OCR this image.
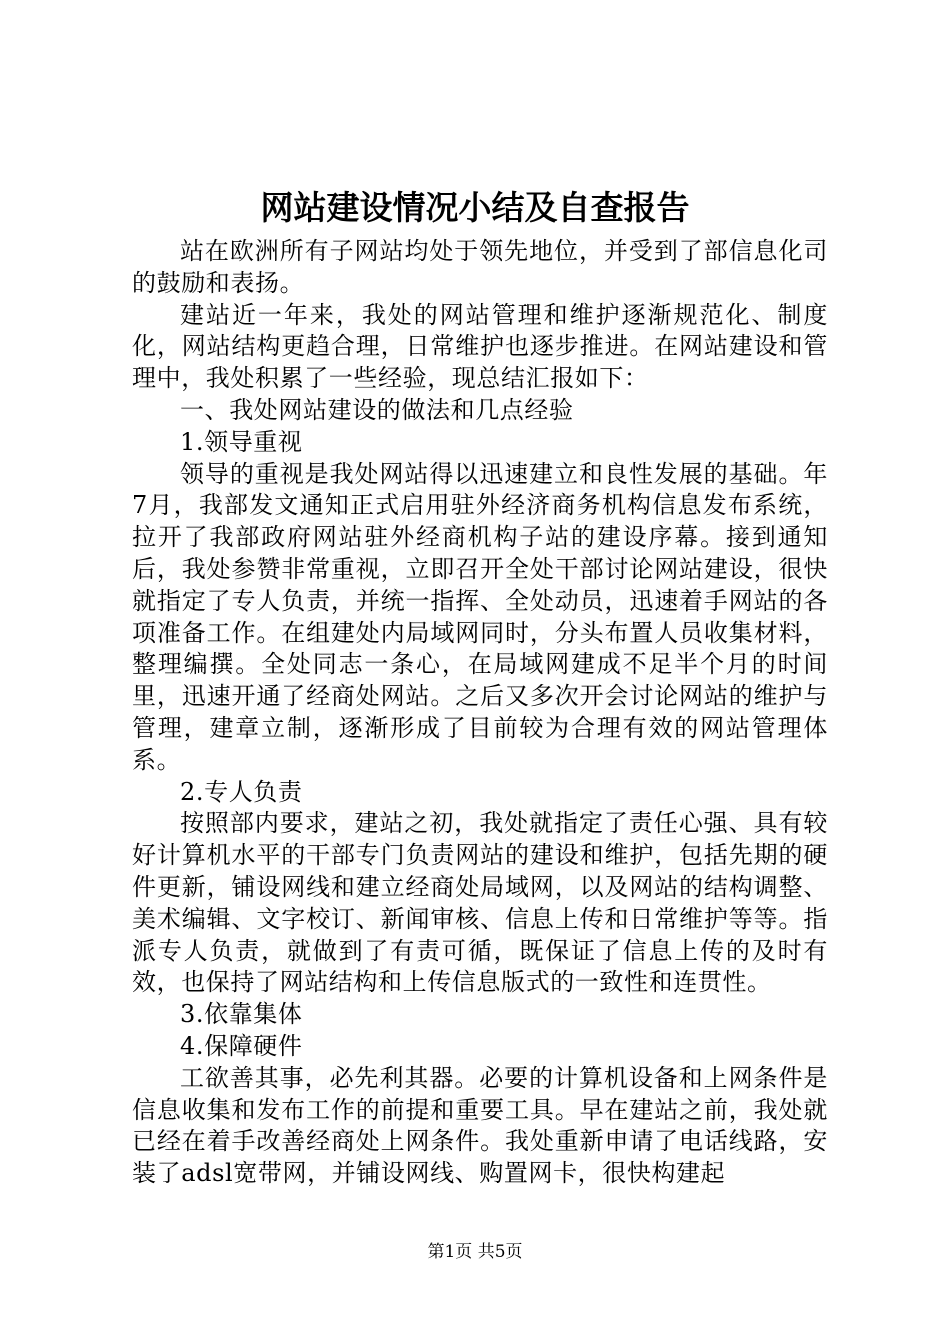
网站建设情况小结及自查报告

站在欧洲所有子网站均处于领先地位，并受到了部信息化司的鼓励和表扬。

建站近一年来，我处的网站管理和维护逐渐规范化、制度化，网站结构更趋合理，日常维护也逐步推进。在网站建设和管理中，我处积累了一些经验，现总结汇报如下：

一、我处网站建设的做法和几点经验

1.领导重视

领导的重视是我处网站得以迅速建立和良性发展的基础。年7月，我部发文通知正式启用驻外经济商务机构信息发布系统，拉开了我部政府网站驻外经商机构子站的建设序幕。接到通知后，我处参赞非常重视，立即召开全处干部讨论网站建设，很快就指定了专人负责，并统一指挥、全处动员，迅速着手网站的各项准备工作。在组建处内局域网同时，分头布置人员收集材料，整理编撰。全处同志一条心，在局域网建成不足半个月的时间里，迅速开通了经商处网站。之后又多次开会讨论网站的维护与管理，建章立制，逐渐形成了目前较为合理有效的网站管理体系。

2.专人负责

按照部内要求，建站之初，我处就指定了责任心强、具有较好计算机水平的干部专门负责网站的建设和维护，包括先期的硬件更新，铺设网线和建立经商处局域网，以及网站的结构调整、美术编辑、文字校订、新闻审核、信息上传和日常维护等等。指派专人负责，就做到了有责可循，既保证了信息上传的及时有效，也保持了网站结构和上传信息版式的一致性和连贯性。

3.依靠集体

4.保障硬件

工欲善其事，必先利其器。必要的计算机设备和上网条件是信息收集和发布工作的前提和重要工具。早在建站之前，我处就已经在着手改善经商处上网条件。我处重新申请了电话线路，安装了adsl宽带网，并铺设网线、购置网卡，很快构建起

第1页 共5页
